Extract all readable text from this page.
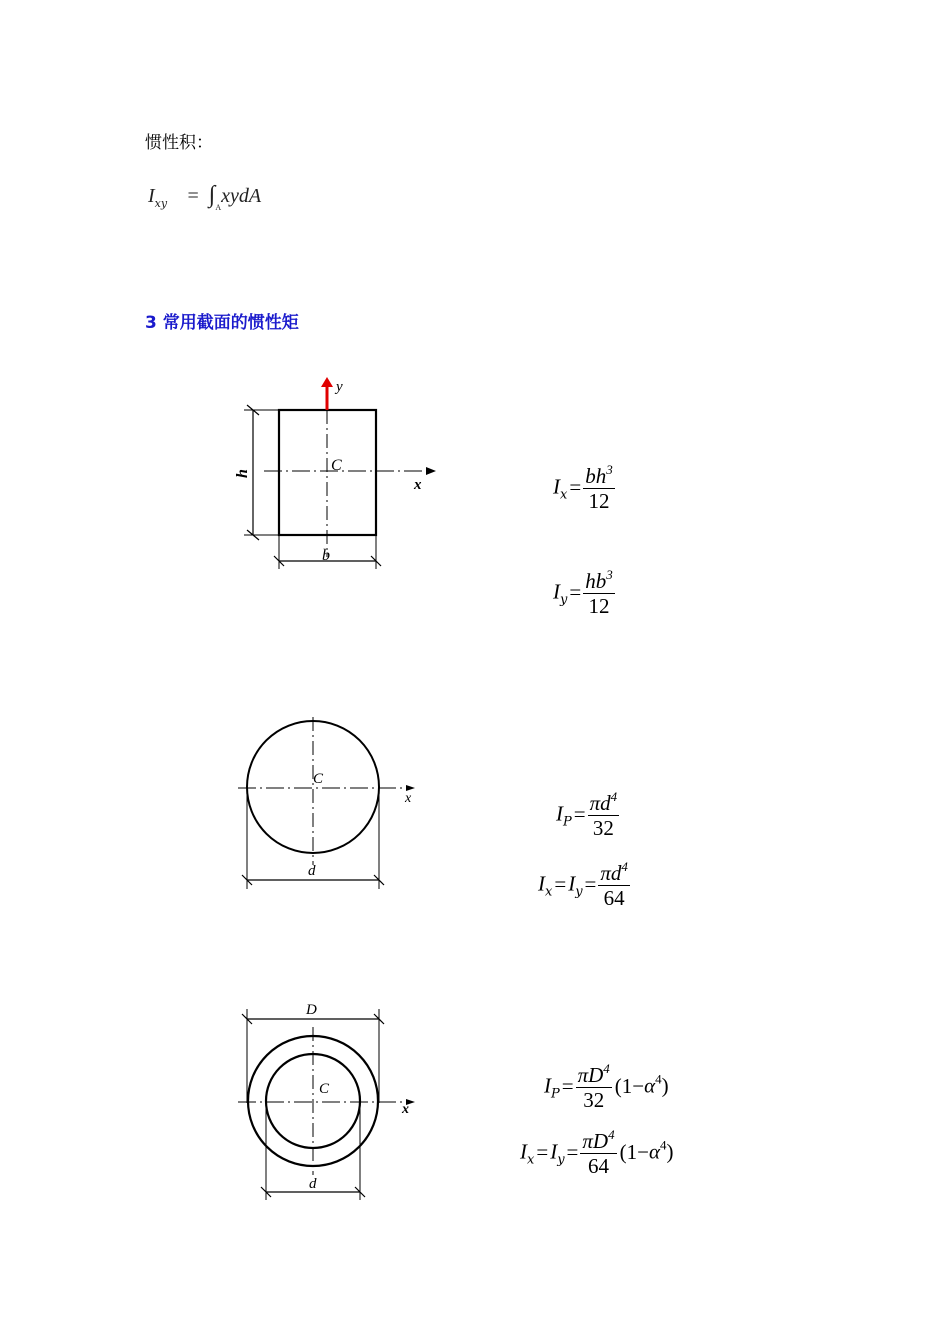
惯性积：
$I_{xy}$ = $\int_AxydA$
3 常用截面的惯性矩
y
x
C
h
b
$I_x= \frac{bh^3}{12}$
$I_y= \frac{hb^3}{12}$
x
C
d
$I_P= \frac{\pi d^4}{32}$
$I_x=I_y= \frac{\pi d^4}{64}$
D
x
C
d
$I_P= \frac{\pi D^4}{32} (1-\alpha^4)$
$I_x=I_y= \frac{\pi D^4}{64} (1-\alpha^4)$
